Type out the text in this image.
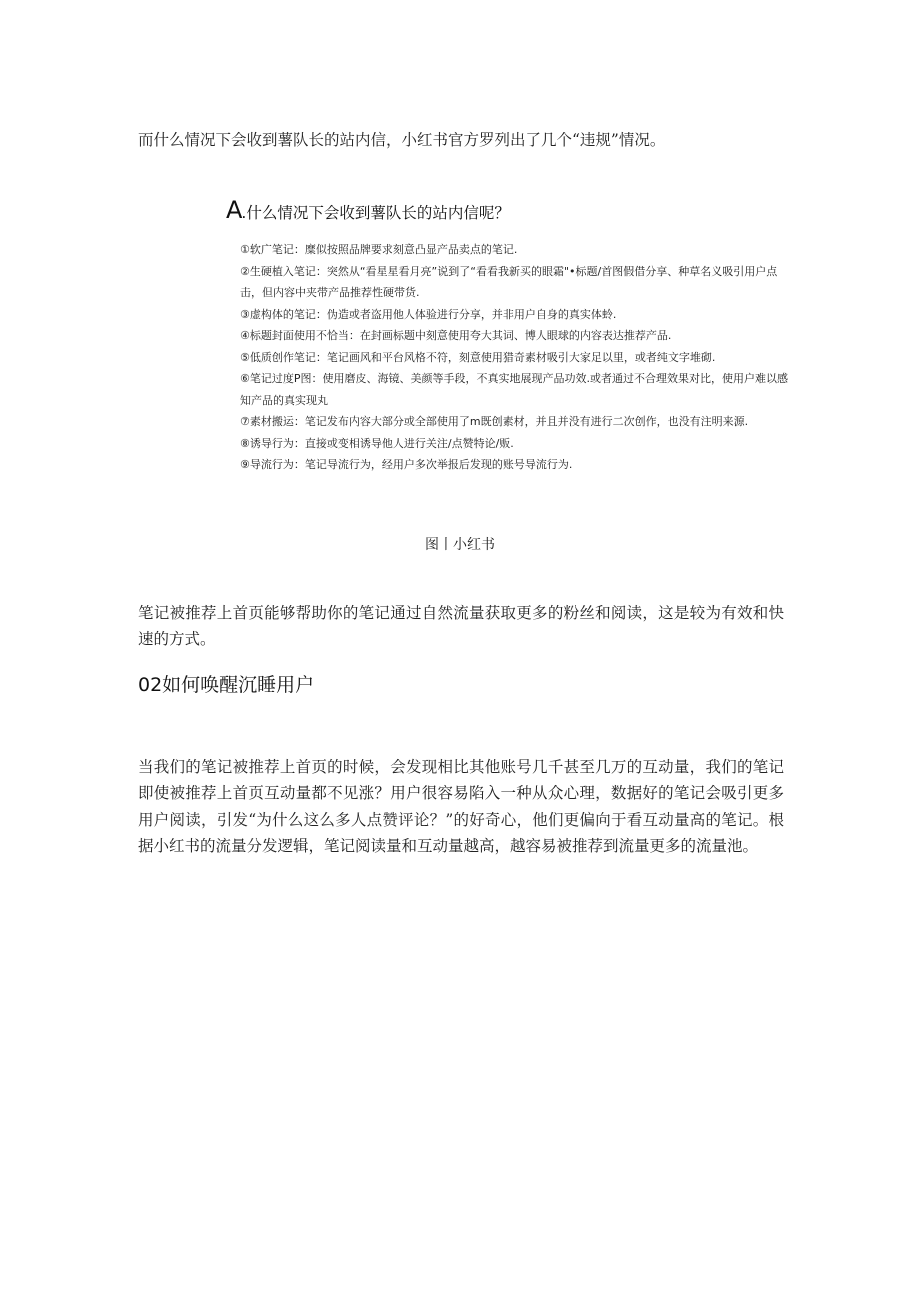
而什么情况下会收到薯队长的站内信，小红书官方罗列出了几个“违规”情况。

A.什么情况下会收到薯队长的站内信呢？
①软广笔记：糜似按照品牌要求刻意凸显产品卖点的笔记.
②生硬植入笔记：突然从“看星星看月亮”说到了“看看我新买的眼霜"•标题/首图假借分享、种草名义吸引用户点击，但内容中夹带产品推荐性硬带货.
③虚构体的笔记：伪造或者盗用他人体验进行分享，并非用户自身的真实体蛉.
④标题封面使用不恰当：在封画标题中刻意使用夸大其词、博人眼球的内容表达推荐产品.
⑤低质创作笔记：笔记画风和平台风格不符，刻意使用猎奇素材吸引大家足以里，或者纯文字堆砌.
⑥笔记过度P图：使用磨皮、海镜、美颜等手段，不真实地展现产品功效.或者通过不合理效果对比，使用户难以感知产品的真实现丸
⑦素材搬运：笔记发布内容大部分或全部使用了m既创素材，并且并没有进行二次创作，也没有注明来源.
⑧诱导行为：直接或变相诱导他人进行关注/点赞特论/贩.
⑨导流行为：笔记导流行为，经用户多次举报后发现的账号导流行为.
图丨小红书

笔记被推荐上首页能够帮助你的笔记通过自然流量获取更多的粉丝和阅读，这是较为有效和快速的方式。

02如何唤醒沉睡用户

当我们的笔记被推荐上首页的时候，会发现相比其他账号几千甚至几万的互动量，我们的笔记即使被推荐上首页互动量都不见涨？用户很容易陷入一种从众心理，数据好的笔记会吸引更多用户阅读，引发“为什么这么多人点赞评论？”的好奇心，他们更偏向于看互动量高的笔记。根据小红书的流量分发逻辑，笔记阅读量和互动量越高，越容易被推荐到流量更多的流量池。
